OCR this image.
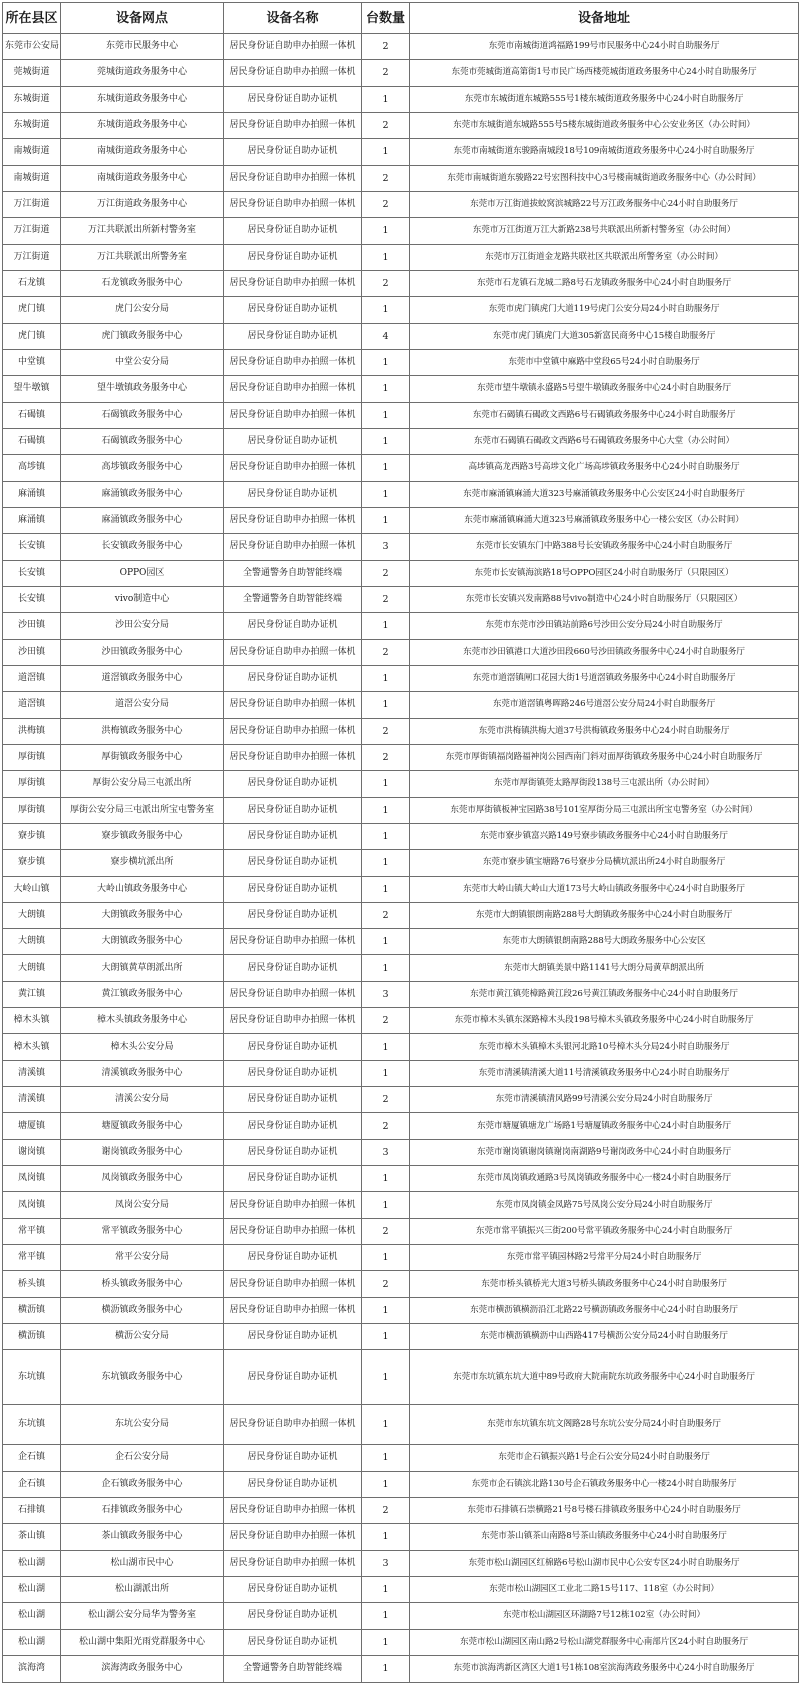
所在县区	设备网点	设备名称	台数量	设备地址
东莞市公安局	东莞市民服务中心	居民身份证自助申办拍照一体机	2	东莞市南城街道鸿福路199号市民服务中心24小时自助服务厅
莞城街道	莞城街道政务服务中心	居民身份证自助申办拍照一体机	2	东莞市莞城街道高第街1号市民广场西楼莞城街道政务服务中心24小时自助服务厅
东城街道	东城街道政务服务中心	居民身份证自助办证机	1	东莞市东城街道东城路555号1楼东城街道政务服务中心24小时自助服务厅
东城街道	东城街道政务服务中心	居民身份证自助申办拍照一体机	2	东莞市东城街道东城路555号5楼东城街道政务服务中心公安业务区（办公时间）
南城街道	南城街道政务服务中心	居民身份证自助办证机	1	东莞市南城街道东骏路南城段18号109南城街道政务服务中心24小时自助服务厅
南城街道	南城街道政务服务中心	居民身份证自助申办拍照一体机	2	东莞市南城街道东骏路22号宏图科技中心3号楼南城街道政务服务中心（办公时间）
万江街道	万江街道政务服务中心	居民身份证自助申办拍照一体机	2	东莞市万江街道拔蛟窝滨城路22号万江政务服务中心24小时自助服务厅
万江街道	万江共联派出所新村警务室	居民身份证自助办证机	1	东莞市万江街道万江大新路238号共联派出所新村警务室（办公时间）
万江街道	万江共联派出所警务室	居民身份证自助办证机	1	东莞市万江街道金龙路共联社区共联派出所警务室（办公时间）
石龙镇	石龙镇政务服务中心	居民身份证自助申办拍照一体机	2	东莞市石龙镇石龙城二路8号石龙镇政务服务中心24小时自助服务厅
虎门镇	虎门公安分局	居民身份证自助办证机	1	东莞市虎门镇虎门大道119号虎门公安分局24小时自助服务厅
虎门镇	虎门镇政务服务中心	居民身份证自助办证机	4	东莞市虎门镇虎门大道305新富民商务中心15楼自助服务厅
中堂镇	中堂公安分局	居民身份证自助申办拍照一体机	1	东莞市中堂镇中麻路中堂段65号24小时自助服务厅
望牛墩镇	望牛墩镇政务服务中心	居民身份证自助申办拍照一体机	1	东莞市望牛墩镇永盛路5号望牛墩镇政务服务中心24小时自助服务厅
石碣镇	石碣镇政务服务中心	居民身份证自助申办拍照一体机	1	东莞市石碣镇石碣政文西路6号石碣镇政务服务中心24小时自助服务厅
石碣镇	石碣镇政务服务中心	居民身份证自助办证机	1	东莞市石碣镇石碣政文西路6号石碣镇政务服务中心大堂（办公时间）
高埗镇	高埗镇政务服务中心	居民身份证自助申办拍照一体机	1	高埗镇高龙西路3号高埗文化广场高埗镇政务服务中心24小时自助服务厅
麻涌镇	麻涌镇政务服务中心	居民身份证自助办证机	1	东莞市麻涌镇麻涌大道323号麻涌镇政务服务中心公安区24小时自助服务厅
麻涌镇	麻涌镇政务服务中心	居民身份证自助申办拍照一体机	1	东莞市麻涌镇麻涌大道323号麻涌镇政务服务中心一楼公安区（办公时间）
长安镇	长安镇政务服务中心	居民身份证自助申办拍照一体机	3	东莞市长安镇东门中路388号长安镇政务服务中心24小时自助服务厅
长安镇	OPPO园区	全警通警务自助智能终端	2	东莞市长安镇海滨路18号OPPO园区24小时自助服务厅（只限园区）
长安镇	vivo制造中心	全警通警务自助智能终端	2	东莞市长安镇兴发南路88号vivo制造中心24小时自助服务厅（只限园区）
沙田镇	沙田公安分局	居民身份证自助办证机	1	东莞市东莞市沙田镇站前路6号沙田公安分局24小时自助服务厅
沙田镇	沙田镇政务服务中心	居民身份证自助申办拍照一体机	2	东莞市沙田镇港口大道沙田段660号沙田镇政务服务中心24小时自助服务厅
道滘镇	道滘镇政务服务中心	居民身份证自助办证机	1	东莞市道滘镇闸口花园大街1号道滘镇政务服务中心24小时自助服务厅
道滘镇	道滘公安分局	居民身份证自助申办拍照一体机	1	东莞市道滘镇粤晖路246号道滘公安分局24小时自助服务厅
洪梅镇	洪梅镇政务服务中心	居民身份证自助申办拍照一体机	2	东莞市洪梅镇洪梅大道37号洪梅镇政务服务中心24小时自助服务厅
厚街镇	厚街镇政务服务中心	居民身份证自助申办拍照一体机	2	东莞市厚街镇福岗路福神岗公园西南门斜对面厚街镇政务服务中心24小时自助服务厅
厚街镇	厚街公安分局三屯派出所	居民身份证自助办证机	1	东莞市厚街镇莞太路厚街段138号三屯派出所（办公时间）
厚街镇	厚街公安分局三屯派出所宝屯警务室	居民身份证自助办证机	1	东莞市厚街镇板神宝园路38号101室厚街分局三屯派出所宝屯警务室（办公时间）
寮步镇	寮步镇政务服务中心	居民身份证自助办证机	1	东莞市寮步镇富兴路149号寮步镇政务服务中心24小时自助服务厅
寮步镇	寮步横坑派出所	居民身份证自助办证机	1	东莞市寮步镇宝塘路76号寮步分局横坑派出所24小时自助服务厅
大岭山镇	大岭山镇政务服务中心	居民身份证自助办证机	1	东莞市大岭山镇大岭山大道173号大岭山镇政务服务中心24小时自助服务厅
大朗镇	大朗镇政务服务中心	居民身份证自助办证机	2	东莞市大朗镇银朗南路288号大朗镇政务服务中心24小时自助服务厅
大朗镇	大朗镇政务服务中心	居民身份证自助申办拍照一体机	1	东莞市大朗镇银朗南路288号大朗政务服务中心公安区
大朗镇	大朗镇黄草朗派出所	居民身份证自助办证机	1	东莞市大朗镇美景中路1141号大朗分局黄草朗派出所
黄江镇	黄江镇政务服务中心	居民身份证自助申办拍照一体机	3	东莞市黄江镇莞樟路黄江段26号黄江镇政务服务中心24小时自助服务厅
樟木头镇	樟木头镇政务服务中心	居民身份证自助申办拍照一体机	2	东莞市樟木头镇东深路樟木头段198号樟木头镇政务服务中心24小时自助服务厅
樟木头镇	樟木头公安分局	居民身份证自助办证机	1	东莞市樟木头镇樟木头银河北路10号樟木头分局24小时自助服务厅
清溪镇	清溪镇政务服务中心	居民身份证自助办证机	1	东莞市清溪镇清溪大道11号清溪镇政务服务中心24小时自助服务厅
清溪镇	清溪公安分局	居民身份证自助办证机	2	东莞市清溪镇清风路99号清溪公安分局24小时自助服务厅
塘厦镇	塘厦镇政务服务中心	居民身份证自助办证机	2	东莞市塘厦镇塘龙广场路1号塘厦镇政务服务中心24小时自助服务厅
谢岗镇	谢岗镇政务服务中心	居民身份证自助办证机	3	东莞市谢岗镇谢岗镇谢岗南湖路9号谢岗政务中心24小时自助服务厅
凤岗镇	凤岗镇政务服务中心	居民身份证自助办证机	1	东莞市凤岗镇政通路3号凤岗镇政务服务中心一楼24小时自助服务厅
凤岗镇	凤岗公安分局	居民身份证自助申办拍照一体机	1	东莞市凤岗镇金凤路75号凤岗公安分局24小时自助服务厅
常平镇	常平镇政务服务中心	居民身份证自助申办拍照一体机	2	东莞市常平镇振兴三街200号常平镇政务服务中心24小时自助服务厅
常平镇	常平公安分局	居民身份证自助办证机	1	东莞市常平镇园林路2号常平分局24小时自助服务厅
桥头镇	桥头镇政务服务中心	居民身份证自助申办拍照一体机	2	东莞市桥头镇桥光大道3号桥头镇政务服务中心24小时自助服务厅
横沥镇	横沥镇政务服务中心	居民身份证自助申办拍照一体机	1	东莞市横沥镇横沥沿江北路22号横沥镇政务服务中心24小时自助服务厅
横沥镇	横沥公安分局	居民身份证自助办证机	1	东莞市横沥镇横沥中山西路417号横沥公安分局24小时自助服务厅
东坑镇	东坑镇政务服务中心	居民身份证自助办证机	1	东莞市东坑镇东坑大道中89号政府大院南院东坑政务服务中心24小时自助服务厅
东坑镇	东坑公安分局	居民身份证自助申办拍照一体机	1	东莞市东坑镇东坑文阁路28号东坑公安分局24小时自助服务厅
企石镇	企石公安分局	居民身份证自助办证机	1	东莞市企石镇振兴路1号企石公安分局24小时自助服务厅
企石镇	企石镇政务服务中心	居民身份证自助办证机	1	东莞市企石镇滨北路130号企石镇政务服务中心一楼24小时自助服务厅
石排镇	石排镇政务服务中心	居民身份证自助申办拍照一体机	2	东莞市石排镇石崇横路21号8号楼石排镇政务服务中心24小时自助服务厅
茶山镇	茶山镇政务服务中心	居民身份证自助申办拍照一体机	1	东莞市茶山镇茶山南路8号茶山镇政务服务中心24小时自助服务厅
松山湖	松山湖市民中心	居民身份证自助申办拍照一体机	3	东莞市松山湖园区红棉路6号松山湖市民中心公安专区24小时自助服务厅
松山湖	松山湖派出所	居民身份证自助办证机	1	东莞市松山湖园区工业北二路15号117、118室（办公时间）
松山湖	松山湖公安分局华为警务室	居民身份证自助办证机	1	东莞市松山湖园区环湖路7号12栋102室（办公时间）
松山湖	松山湖中集阳光雨党群服务中心	居民身份证自助办证机	1	东莞市松山湖园区南山路2号松山湖党群服务中心南部片区24小时自助服务厅
滨海湾	滨海湾政务服务中心	全警通警务自助智能终端	1	东莞市滨海湾新区湾区大道1号1栋108室滨海湾政务服务中心24小时自助服务厅
